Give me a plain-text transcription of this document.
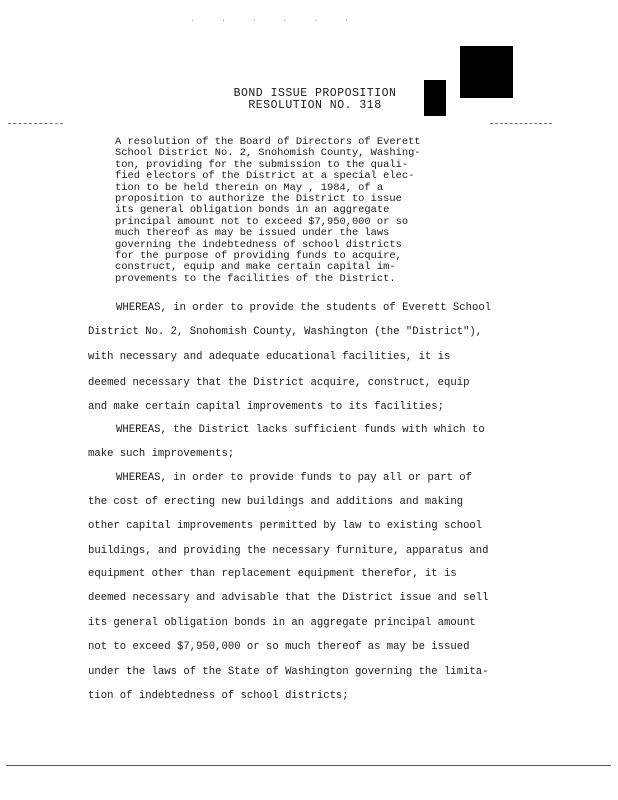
. . . . . .
BOND ISSUE PROPOSITION
RESOLUTION NO. 318
A resolution of the Board of Directors of Everett
School District No. 2, Snohomish County, Washing-
ton, providing for the submission to the quali-
fied electors of the District at a special elec-
tion to be held therein on May , 1984, of a
proposition to authorize the District to issue
its general obligation bonds in an aggregate
principal amount not to exceed $7,950,000 or so
much thereof as may be issued under the laws
governing the indebtedness of school districts
for the purpose of providing funds to acquire,
construct, equip and make certain capital im-
provements to the facilities of the District.
WHEREAS, in order to provide the students of Everett School
District No. 2, Snohomish County, Washington (the "District"),
with necessary and adequate educational facilities, it is
deemed necessary that the District acquire, construct, equip
and make certain capital improvements to its facilities;
WHEREAS, the District lacks sufficient funds with which to
make such improvements;
WHEREAS, in order to provide funds to pay all or part of
the cost of erecting new buildings and additions and making
other capital improvements permitted by law to existing school
buildings, and providing the necessary furniture, apparatus and
equipment other than replacement equipment therefor, it is
deemed necessary and advisable that the District issue and sell
its general obligation bonds in an aggregate principal amount
not to exceed $7,950,000 or so much thereof as may be issued
under the laws of the State of Washington governing the limita-
tion of indebtedness of school districts;
